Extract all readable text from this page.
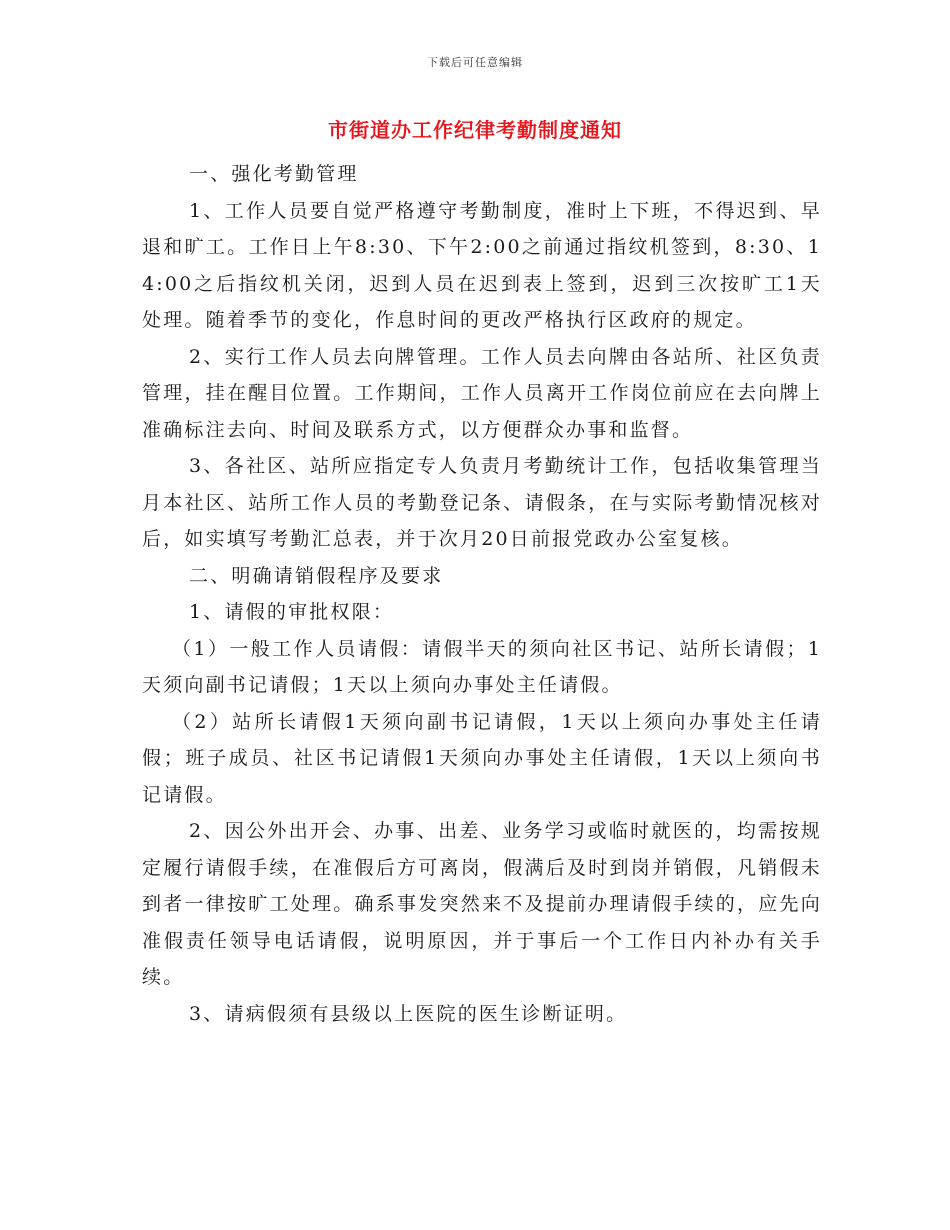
下载后可任意编辑
市街道办工作纪律考勤制度通知

一、强化考勤管理

1、工作人员要自觉严格遵守考勤制度，准时上下班，不得迟到、早退和旷工。工作日上午8:30、下午2:00之前通过指纹机签到，8:30、14:00之后指纹机关闭，迟到人员在迟到表上签到，迟到三次按旷工1天处理。随着季节的变化，作息时间的更改严格执行区政府的规定。

2、实行工作人员去向牌管理。工作人员去向牌由各站所、社区负责管理，挂在醒目位置。工作期间，工作人员离开工作岗位前应在去向牌上准确标注去向、时间及联系方式，以方便群众办事和监督。

3、各社区、站所应指定专人负责月考勤统计工作，包括收集管理当月本社区、站所工作人员的考勤登记条、请假条，在与实际考勤情况核对后，如实填写考勤汇总表，并于次月20日前报党政办公室复核。

二、明确请销假程序及要求

1、请假的审批权限：

（1）一般工作人员请假：请假半天的须向社区书记、站所长请假；1天须向副书记请假；1天以上须向办事处主任请假。

（2）站所长请假1天须向副书记请假，1天以上须向办事处主任请假；班子成员、社区书记请假1天须向办事处主任请假，1天以上须向书记请假。

2、因公外出开会、办事、出差、业务学习或临时就医的，均需按规定履行请假手续，在准假后方可离岗，假满后及时到岗并销假，凡销假未到者一律按旷工处理。确系事发突然来不及提前办理请假手续的，应先向准假责任领导电话请假，说明原因，并于事后一个工作日内补办有关手续。

3、请病假须有县级以上医院的医生诊断证明。
